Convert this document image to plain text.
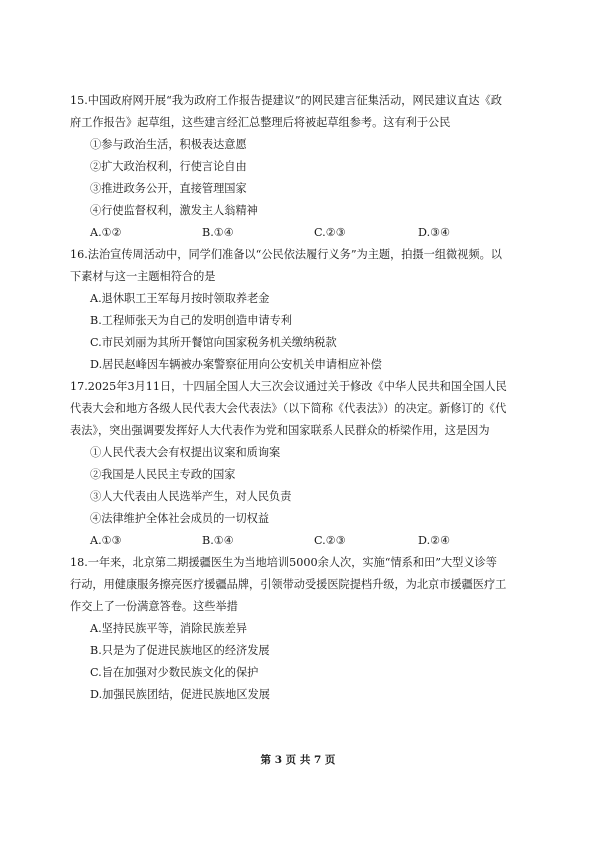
15.中国政府网开展“我为政府工作报告提建议”的网民建言征集活动，网民建议直达《政
府工作报告》起草组，这些建言经汇总整理后将被起草组参考。这有利于公民
①参与政治生活，积极表达意愿
②扩大政治权利，行使言论自由
③推进政务公开，直接管理国家
④行使监督权利，激发主人翁精神
A.①②	B.①④	C.②③	D.③④
16.法治宣传周活动中，同学们准备以“公民依法履行义务”为主题，拍摄一组微视频。以
下素材与这一主题相符合的是
A.退休职工王军每月按时领取养老金
B.工程师张天为自己的发明创造申请专利
C.市民刘丽为其所开餐馆向国家税务机关缴纳税款
D.居民赵峰因车辆被办案警察征用向公安机关申请相应补偿
17.2025年3月11日，十四届全国人大三次会议通过关于修改《中华人民共和国全国人民
代表大会和地方各级人民代表大会代表法》（以下简称《代表法》）的决定。新修订的《代
表法》，突出强调要发挥好人大代表作为党和国家联系人民群众的桥梁作用，这是因为
①人民代表大会有权提出议案和质询案
②我国是人民民主专政的国家
③人大代表由人民选举产生，对人民负责
④法律维护全体社会成员的一切权益
A.①③	B.①④	C.②③	D.②④
18.一年来，北京第二期援疆医生为当地培训5000余人次，实施“情系和田”大型义诊等
行动，用健康服务擦亮医疗援疆品牌，引领带动受援医院提档升级，为北京市援疆医疗工
作交上了一份满意答卷。这些举措
A.坚持民族平等，消除民族差异
B.只是为了促进民族地区的经济发展
C.旨在加强对少数民族文化的保护
D.加强民族团结，促进民族地区发展
第 3 页 共 7 页
